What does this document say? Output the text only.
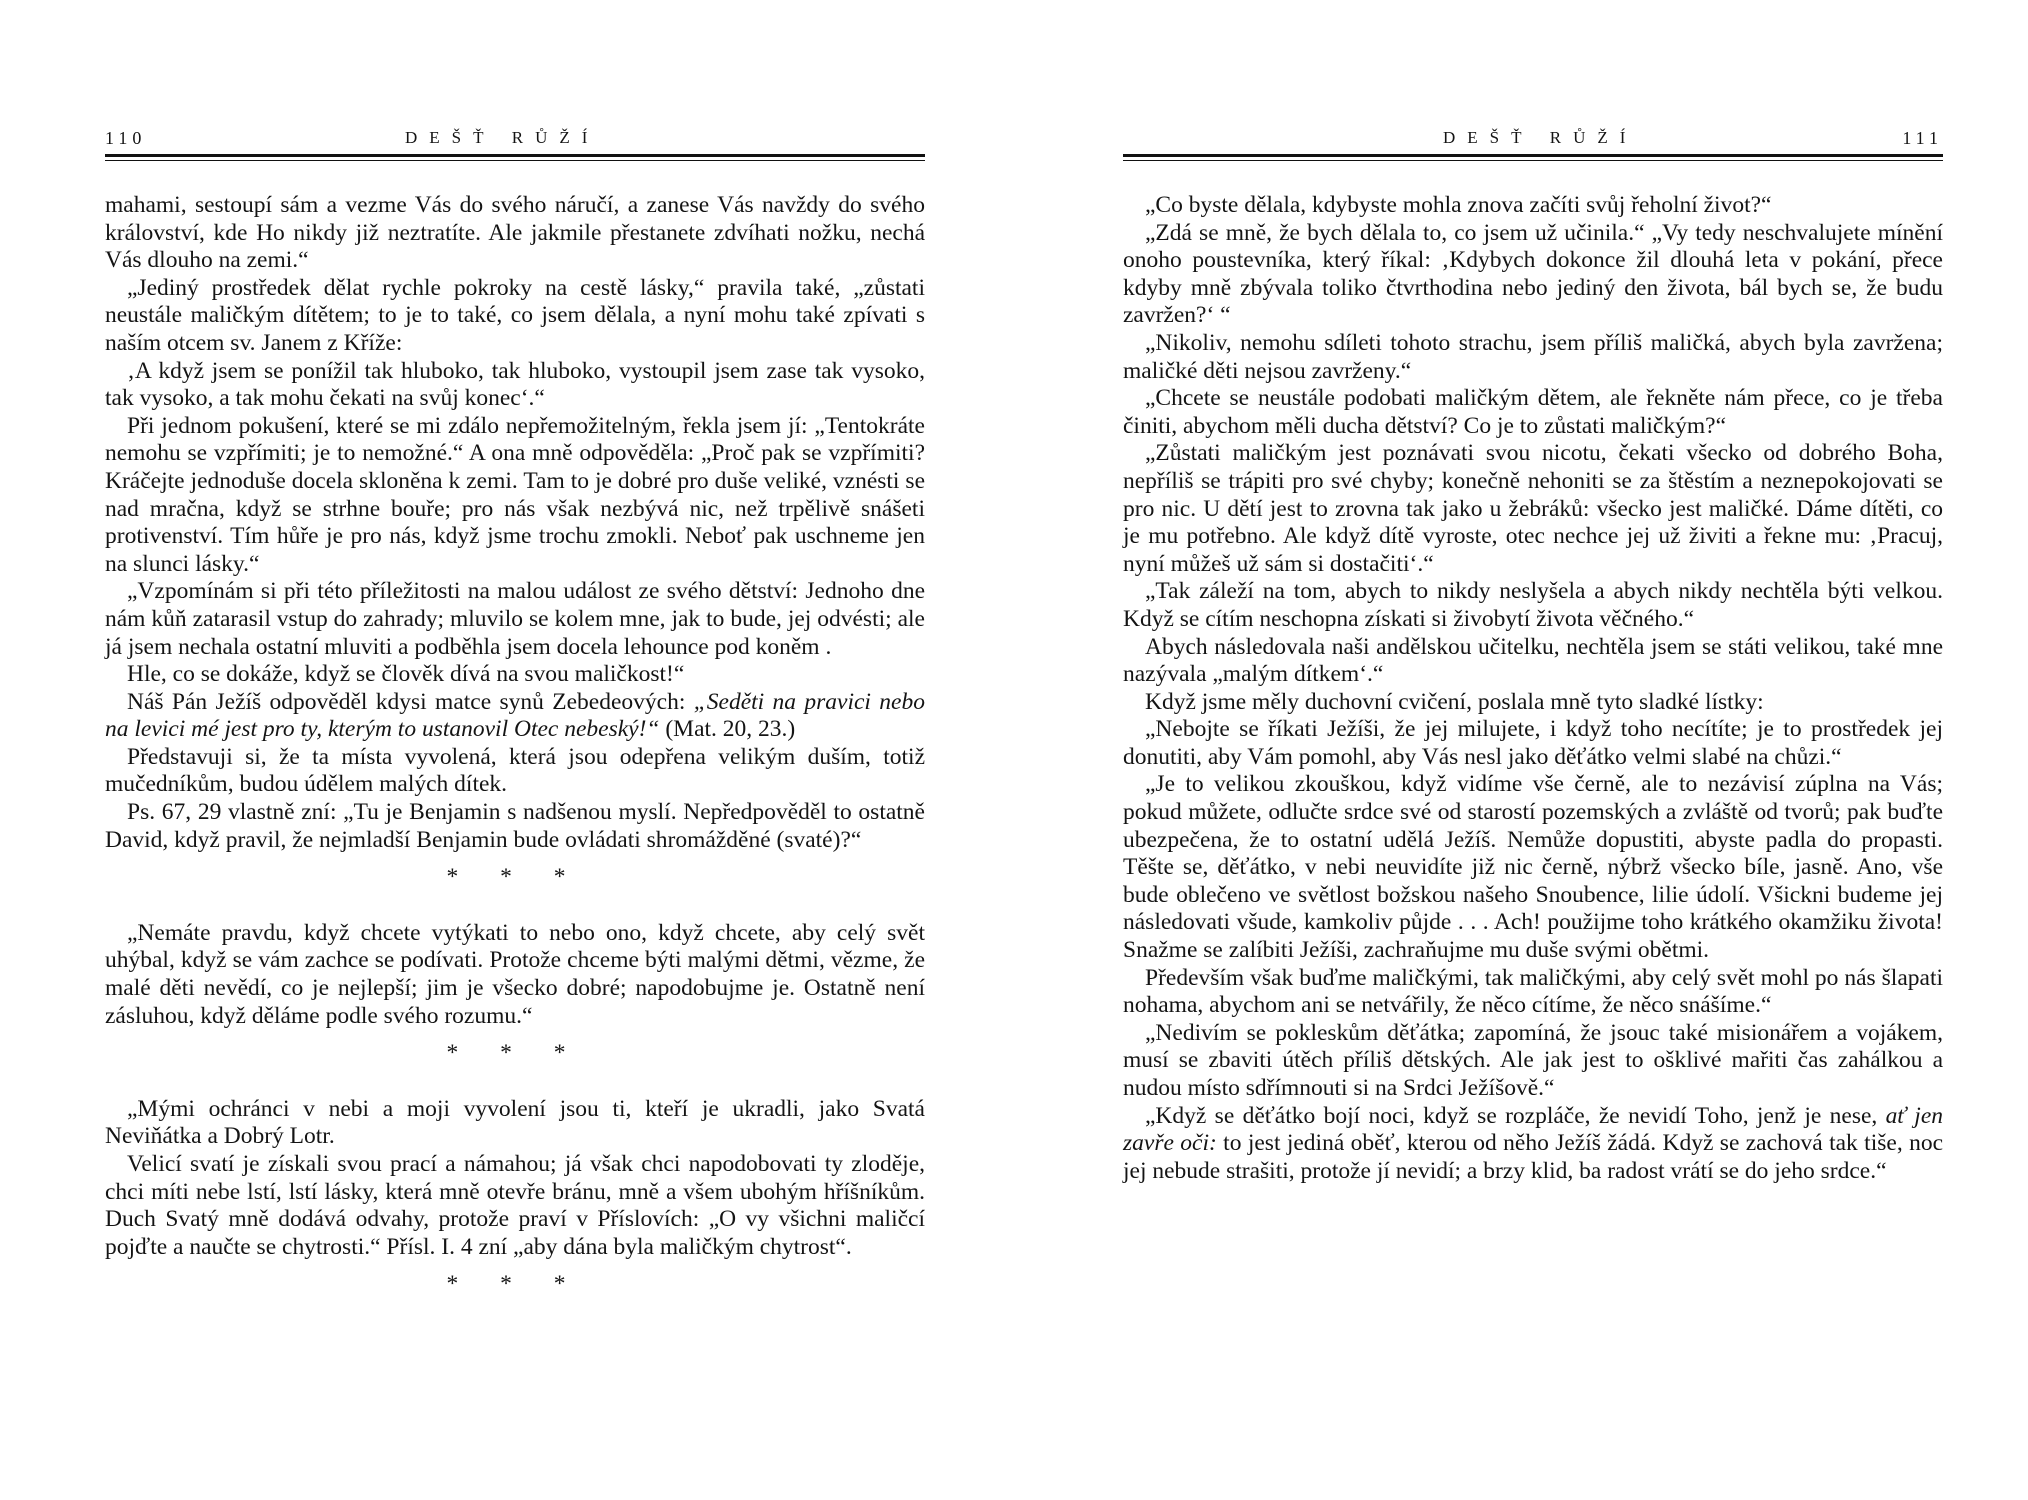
110	DEŠŤ RŮŽÍ

mahami, sestoupí sám a vezme Vás do svého náručí, a zanese Vás navždy do svého království, kde Ho nikdy již neztratíte. Ale jakmile přestanete zdvíhati nožku, nechá Vás dlouho na zemi.“

„Jediný prostředek dělat rychle pokroky na cestě lásky,“ pravila také, „zůstati neustále maličkým dítětem; to je to také, co jsem dělala, a nyní mohu také zpívati s naším otcem sv. Janem z Kříže:

‚A když jsem se ponížil tak hluboko, tak hluboko, vystoupil jsem zase tak vysoko, tak vysoko, a tak mohu čekati na svůj konec‘.“

Při jednom pokušení, které se mi zdálo nepřemožitelným, řekla jsem jí: „Tentokráte nemohu se vzpřímiti; je to nemožné.“ A ona mně odpověděla: „Proč pak se vzpřímiti? Kráčejte jednoduše docela skloněna k zemi. Tam to je dobré pro duše veliké, vznésti se nad mračna, když se strhne bouře; pro nás však nezbývá nic, než trpělivě snášeti protivenství. Tím hůře je pro nás, když jsme trochu zmokli. Neboť pak uschneme jen na slunci lásky.“

„Vzpomínám si při této příležitosti na malou událost ze svého dětství: Jednoho dne nám kůň zatarasil vstup do zahrady; mluvilo se kolem mne, jak to bude, jej odvésti; ale já jsem nechala ostatní mluviti a podběhla jsem docela lehounce pod koněm .

Hle, co se dokáže, když se člověk dívá na svou maličkost!“

Náš Pán Ježíš odpověděl kdysi matce synů Zebedeových: „Seděti na pravici nebo na levici mé jest pro ty, kterým to ustanovil Otec nebeský!“ (Mat. 20, 23.)

Představuji si, že ta místa vyvolená, která jsou odepřena velikým duším, totiž mučedníkům, budou údělem malých dítek.

Ps. 67, 29 vlastně zní: „Tu je Benjamin s nadšenou myslí. Nepředpověděl to ostatně David, když pravil, že nejmladší Benjamin bude ovládati shromážděné (svaté)?“

* * *

„Nemáte pravdu, když chcete vytýkati to nebo ono, když chcete, aby celý svět uhýbal, když se vám zachce se podívati. Protože chceme býti malými dětmi, vězme, že malé děti nevědí, co je nejlepší; jim je všecko dobré; napodobujme je. Ostatně není zásluhou, když děláme podle svého rozumu.“

* * *

„Mými ochránci v nebi a moji vyvolení jsou ti, kteří je ukradli, jako Svatá Neviňátka a Dobrý Lotr.

Velicí svatí je získali svou prací a námahou; já však chci napodobovati ty zloděje, chci míti nebe lstí, lstí lásky, která mně otevře bránu, mně a všem ubohým hříšníkům. Duch Svatý mně dodává odvahy, protože praví v Příslovích: „O vy všichni maličcí pojďte a naučte se chytrosti.“ Přísl. I. 4 zní „aby dána byla maličkým chytrost“.

* * *

DEŠŤ RŮŽÍ	111

„Co byste dělala, kdybyste mohla znova začíti svůj řeholní život?“

„Zdá se mně, že bych dělala to, co jsem už učinila.“ „Vy tedy neschvalujete mínění onoho poustevníka, který říkal: ‚Kdybych dokonce žil dlouhá leta v pokání, přece kdyby mně zbývala toliko čtvrthodina nebo jediný den života, bál bych se, že budu zavržen?‘ “

„Nikoliv, nemohu sdíleti tohoto strachu, jsem příliš maličká, abych byla zavržena; maličké děti nejsou zavrženy.“

„Chcete se neustále podobati maličkým dětem, ale řekněte nám přece, co je třeba činiti, abychom měli ducha dětství? Co je to zůstati maličkým?“

„Zůstati maličkým jest poznávati svou nicotu, čekati všecko od dobrého Boha, nepříliš se trápiti pro své chyby; konečně nehoniti se za štěstím a neznepokojovati se pro nic. U dětí jest to zrovna tak jako u žebráků: všecko jest maličké. Dáme dítěti, co je mu potřebno. Ale když dítě vyroste, otec nechce jej už živiti a řekne mu: ‚Pracuj, nyní můžeš už sám si dostačiti‘.“

„Tak záleží na tom, abych to nikdy neslyšela a abych nikdy nechtěla býti velkou. Když se cítím neschopna získati si živobytí života věčného.“

Abych následovala naši andělskou učitelku, nechtěla jsem se státi velikou, také mne nazývala „malým dítkem‘.“

Když jsme měly duchovní cvičení, poslala mně tyto sladké lístky:

„Nebojte se říkati Ježíši, že jej milujete, i když toho necítíte; je to prostředek jej donutiti, aby Vám pomohl, aby Vás nesl jako děťátko velmi slabé na chůzi.“

„Je to velikou zkouškou, když vidíme vše černě, ale to nezávisí zúplna na Vás; pokud můžete, odlučte srdce své od starostí pozemských a zvláště od tvorů; pak buďte ubezpečena, že to ostatní udělá Ježíš. Nemůže dopustiti, abyste padla do propasti. Těšte se, děťátko, v nebi neuvidíte již nic černě, nýbrž všecko bíle, jasně. Ano, vše bude oblečeno ve světlost božskou našeho Snoubence, lilie údolí. Všickni budeme jej následovati všude, kamkoliv půjde . . . Ach! použijme toho krátkého okamžiku života! Snažme se zalíbiti Ježíši, zachraňujme mu duše svými obětmi.

Především však buďme maličkými, tak maličkými, aby celý svět mohl po nás šlapati nohama, abychom ani se netvářily, že něco cítíme, že něco snášíme.“

„Nedivím se pokleskům děťátka; zapomíná, že jsouc také misionářem a vojákem, musí se zbaviti útěch příliš dětských. Ale jak jest to ošklivé mařiti čas zahálkou a nudou místo sdřímnouti si na Srdci Ježíšově.“

„Když se děťátko bojí noci, když se rozpláče, že nevidí Toho, jenž je nese, ať jen zavře oči: to jest jediná oběť, kterou od něho Ježíš žádá. Když se zachová tak tiše, noc jej nebude strašiti, protože jí nevidí; a brzy klid, ba radost vrátí se do jeho srdce.“
